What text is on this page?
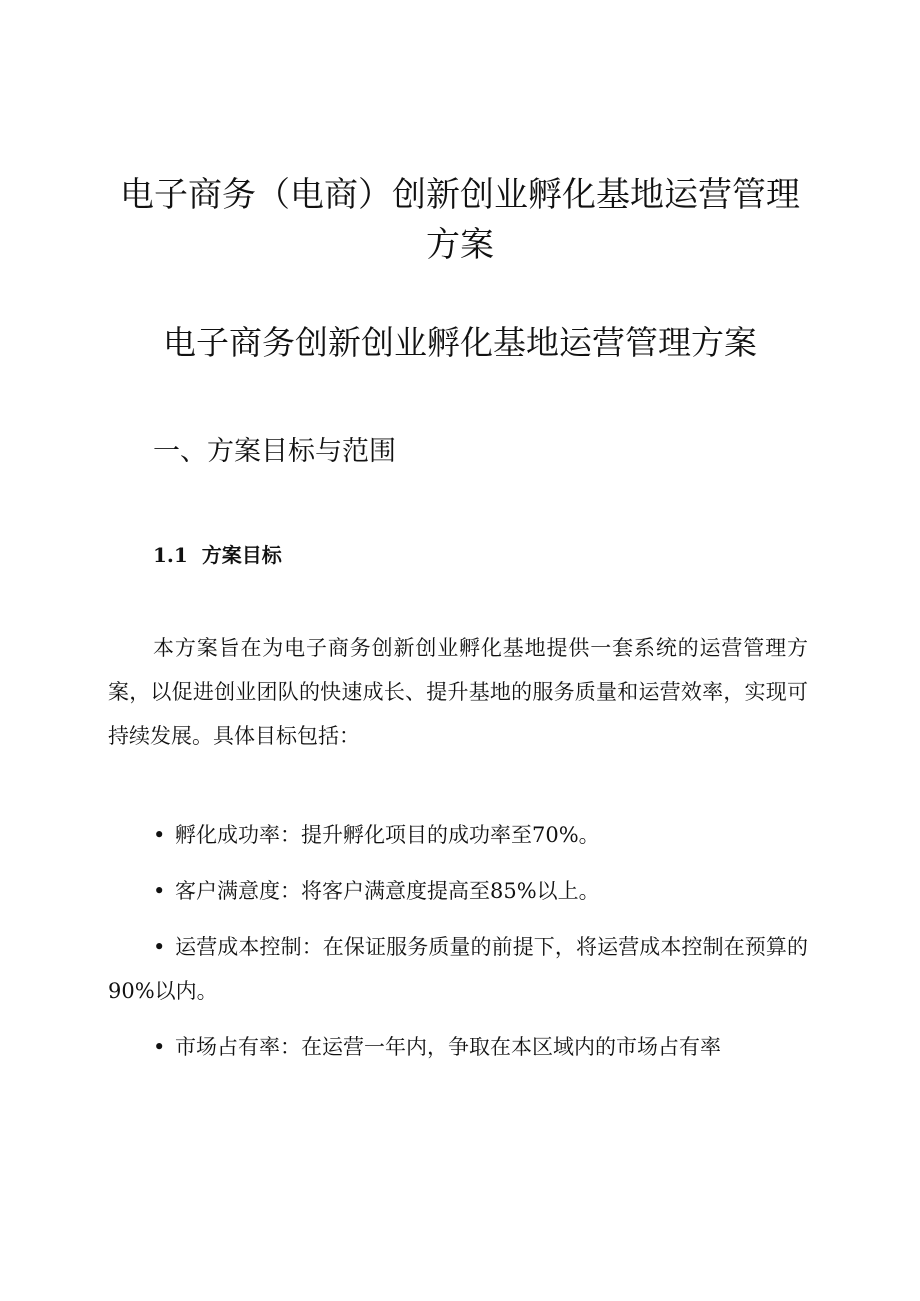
电子商务（电商）创新创业孵化基地运营管理方案
电子商务创新创业孵化基地运营管理方案
一、方案目标与范围
1.1 方案目标

本方案旨在为电子商务创新创业孵化基地提供一套系统的运营管理方案，以促进创业团队的快速成长、提升基地的服务质量和运营效率，实现可持续发展。具体目标包括：

• 孵化成功率：提升孵化项目的成功率至70%。
• 客户满意度：将客户满意度提高至85%以上。
• 运营成本控制：在保证服务质量的前提下，将运营成本控制在预算的90%以内。
• 市场占有率：在运营一年内，争取在本区域内的市场占有率
